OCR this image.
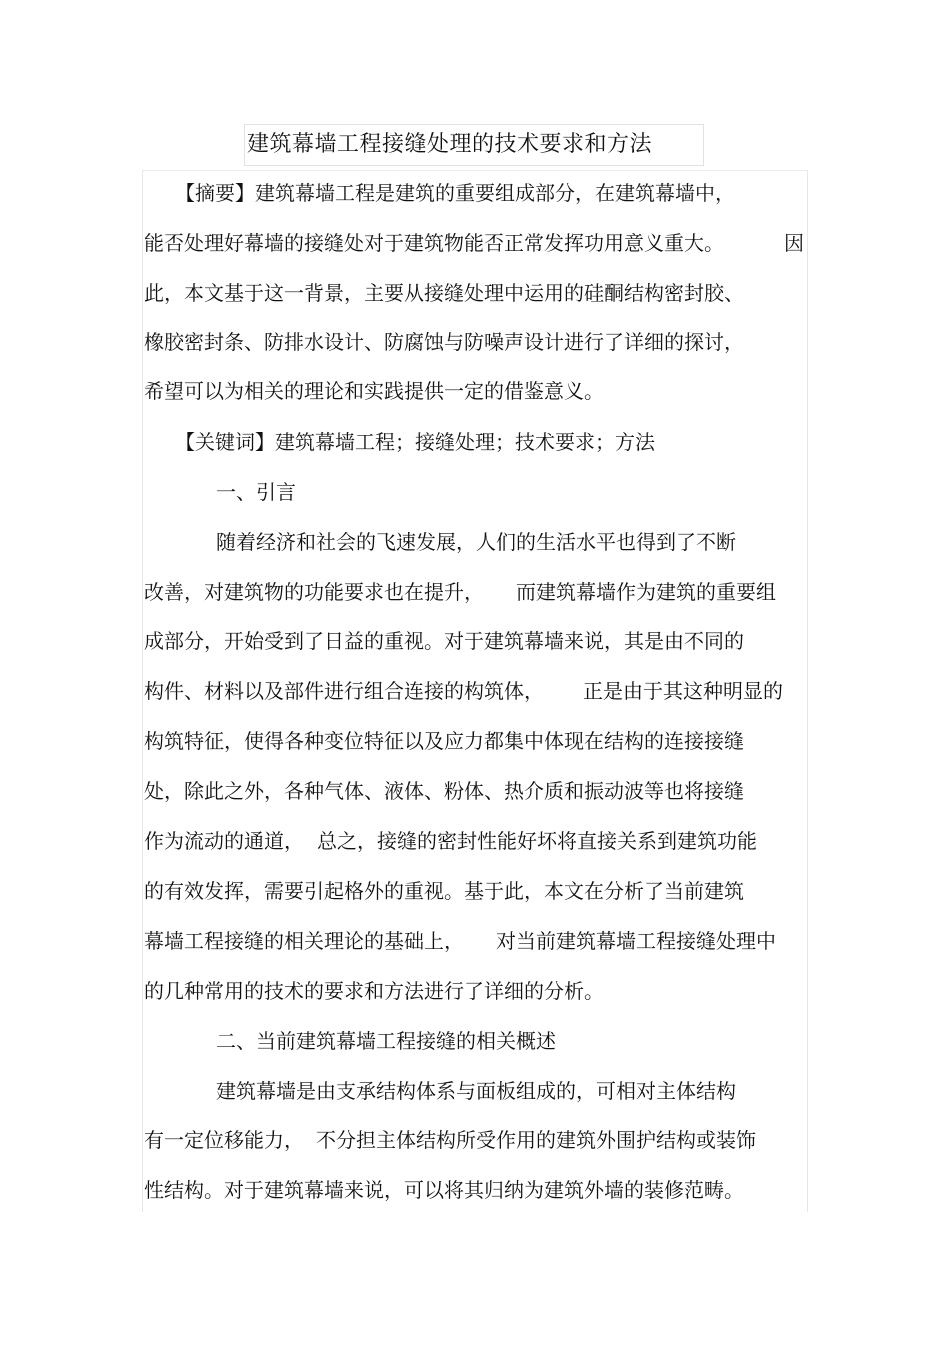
建筑幕墙工程接缝处理的技术要求和方法
【摘要】建筑幕墙工程是建筑的重要组成部分，在建筑幕墙中，
能否处理好幕墙的接缝处对于建筑物能否正常发挥功用意义重大。	因
此，本文基于这一背景，主要从接缝处理中运用的硅酮结构密封胶、
橡胶密封条、防排水设计、防腐蚀与防噪声设计进行了详细的探讨，
希望可以为相关的理论和实践提供一定的借鉴意义。
【关键词】建筑幕墙工程；接缝处理；技术要求；方法
一、引言
随着经济和社会的飞速发展，人们的生活水平也得到了不断
改善，对建筑物的功能要求也在提升， 而建筑幕墙作为建筑的重要组
成部分，开始受到了日益的重视。对于建筑幕墙来说，其是由不同的
构件、材料以及部件进行组合连接的构筑体， 正是由于其这种明显的
构筑特征，使得各种变位特征以及应力都集中体现在结构的连接接缝
处，除此之外，各种气体、液体、粉体、热介质和振动波等也将接缝
作为流动的通道， 总之，接缝的密封性能好坏将直接关系到建筑功能
的有效发挥，需要引起格外的重视。基于此，本文在分析了当前建筑
幕墙工程接缝的相关理论的基础上， 对当前建筑幕墙工程接缝处理中
的几种常用的技术的要求和方法进行了详细的分析。
二、当前建筑幕墙工程接缝的相关概述
建筑幕墙是由支承结构体系与面板组成的，可相对主体结构
有一定位移能力， 不分担主体结构所受作用的建筑外围护结构或装饰
性结构。对于建筑幕墙来说，可以将其归纳为建筑外墙的装修范畴。
